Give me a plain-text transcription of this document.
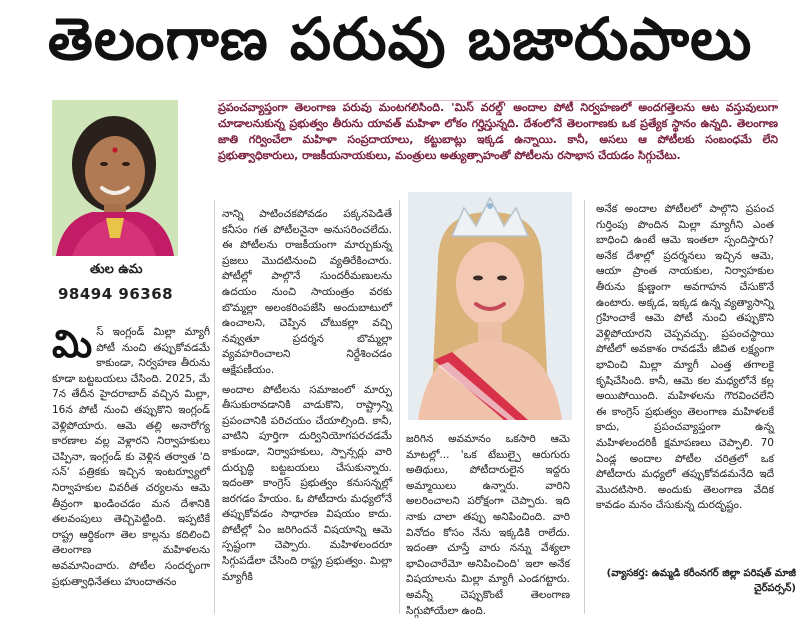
తెలంగాణ పరువు బజారుపాలు
తుల ఉమ
98494 96368
ప్రపంచవ్యాప్తంగా తెలంగాణ పరువు మంటగలిసింది. 'మిస్ వరల్డ్' అందాల పోటీ నిర్వహణలో అందగత్తెలను ఆట వస్తువులుగా చూడాలనుకున్న ప్రభుత్వం తీరును యావత్ మహిళా లోకం గర్హిస్తున్నది. దేశంలోనే తెలంగాణకు ఒక ప్రత్యేక స్థానం ఉన్నది. తెలంగాణ జాతి గర్వించేలా మహిళా సంప్రదాయాలు, కట్టుబాట్లు ఇక్కడ ఉన్నాయి. కానీ, అసలు ఆ పోటీలకు సంబంధమే లేని ప్రభుత్వాధికారులు, రాజకీయనాయకులు, మంత్రులు అత్యుత్సాహంతో పోటీలను రసాభాస చేయడం సిగ్గుచేటు.
మి స్ ఇంగ్లండ్ మిల్లా మ్యాగీ పోటీ నుంచి తప్పుకోవడమే కాకుండా, నిర్వహణ తీరును కూడా బట్టబయలు చేసింది. 2025, మే 7న తేదీన హైదరాబాద్ వచ్చిన మిల్లా, 16న పోటీ నుంచి తప్పుకొని ఇంగ్లండ్ వెళ్లిపోయారు. ఆమె తల్లి అనారోగ్య కారణాల వల్ల వెళ్లారని నిర్వాహకులు చెప్పినా, ఇంగ్లండ్ కు వెళ్లిన తర్వాత 'ది సన్' పత్రికకు ఇచ్చిన ఇంటర్వ్యూలో నిర్వాహకుల వివరీత చర్యలను ఆమె తీవ్రంగా ఖండించడం మన దేశానికి తలవంపులు తెచ్చిపెట్టింది. ఇప్పటికే రాష్ట్ర ఆర్థికంగా తెల కాల్లను కదిలించి తెలంగాణ మహిళలను అవమానించారు. పోటీల సందర్భంగా ప్రభుత్వాధినేతలు హుందాతనం

నాన్ని పాటించకపోవడం పక్కనపెడితే కనీసం గత పోటీలనైనా అనుసరించలేదు. ఈ పోటీలను రాజకీయంగా మార్చుకున్న ప్రజలు మొదటినుంచి వ్యతిరేకించారు. పోటీల్లో పాల్గొనే సుందరీమణులను ఉదయం నుంచి సాయంత్రం వరకు బొమ్మల్లా అలంకరింపజేసి అందుబాటులో ఉంచాలని, చెప్పిన చోటుకల్లా వచ్చి నవ్వుతూ ప్రదర్శన బొమ్మల్లా వ్యవహరించాలని నిర్దేశించడం ఆక్షేపణీయం.

అందాల పోటీలను సమాజంలో మార్పు తీసుకురావడానికి వాడుకొని, రాష్ట్రాన్ని ప్రపంచానికి పరిచయం చేయాల్సింది. కానీ, వాటిని పూర్తిగా దుర్వినియోగపరచడమే కాకుండా, నిర్వాహకులు, స్పాన్సర్లు వారి దుర్బుద్ధి బట్టబయలు చేసుకున్నారు. ఇదంతా కాంగ్రెస్ ప్రభుత్వం కనుసన్నల్లో జరగడం హేయం. ఓ పోటీదారు మధ్యలోనే తప్పుకోవడం సాధారణ విషయం కాదు. పోటీల్లో ఏం జరిగిందనే విషయాన్ని ఆమె స్పష్టంగా చెప్పారు. మహిళలందరూ సిగ్గుపడేలా చేసింది రాష్ట్ర ప్రభుత్వం. మిల్లా మ్యాగీకి

జరిగిన అవమానం ఒకసారి ఆమె మాటల్లో... 'ఒక టేబుల్పై ఆరుగురు అతిథులు, పోటీదారులైన ఇద్దరు అమ్మాయిలు ఉన్నారు. వారిని అలరించాలని పరోక్షంగా చెప్పారు. ఇది నాకు చాలా తప్పు అనిపించింది. వారి వినోదం కోసం నేను ఇక్కడికి రాలేదు. ఇదంతా చూస్తే వారు నన్ను వేశ్యలా భావించారేమో అనిపించింది' ఇలా అనేక విషయాలను మిల్లా మ్యాగీ ఎండగట్టారు. అవన్నీ చెప్పుకొంటే తెలంగాణ సిగ్గుపోయేలా ఉంది.
అనేక అందాల పోటీలలో పాల్గొని ప్రపంచ గుర్తింపు పొందిన మిల్లా మ్యాగీని ఎంత బాధించి ఉంటే ఆమె ఇంతలా స్పందిస్తారు? అనేక దేశాల్లో ప్రదర్శనలు ఇచ్చిన ఆమె, ఆయా ప్రాంత నాయకుల, నిర్వాహకుల తీరును క్షుణ్ణంగా అవగాహన చేసుకొనే ఉంటారు. అక్కడ, ఇక్కడ ఉన్న వ్యత్యాసాన్ని గ్రహించాకే ఆమె పోటీ నుంచి తప్పుకొని వెళ్లిపోయారని చెప్పవచ్చు. ప్రపంచస్థాయి పోటీలో అవకాశం రావడమే జీవిత లక్ష్యంగా భావించి మిల్లా మ్యాగీ ఎంత్త తగాలకై కృషిచేసింది. కానీ, ఆమె కల మధ్యలోనే కల్ల అయిపోయింది. మహిళలను గౌరవించలేని ఈ కాంగ్రెస్ ప్రభుత్వం తెలంగాణ మహిళలకే కాదు, ప్రపంచవ్యాప్తంగా ఉన్న మహిళలందరికీ క్షమాపణలు చెప్పాలి. 70 ఏండ్ల అందాల పోటీల చరిత్రలో ఒక పోటీదారు మధ్యలో తప్పుకోవడమనేది ఇదే మొదటిసారి. అందుకు తెలంగాణ వేదిక కావడం మనం చేసుకున్న దురదృష్టం.
(వ్యాసకర్త: ఉమ్మడి కరీంనగర్ జిల్లా పరిషత్ మాజీ చైర్‌పర్సన్)
